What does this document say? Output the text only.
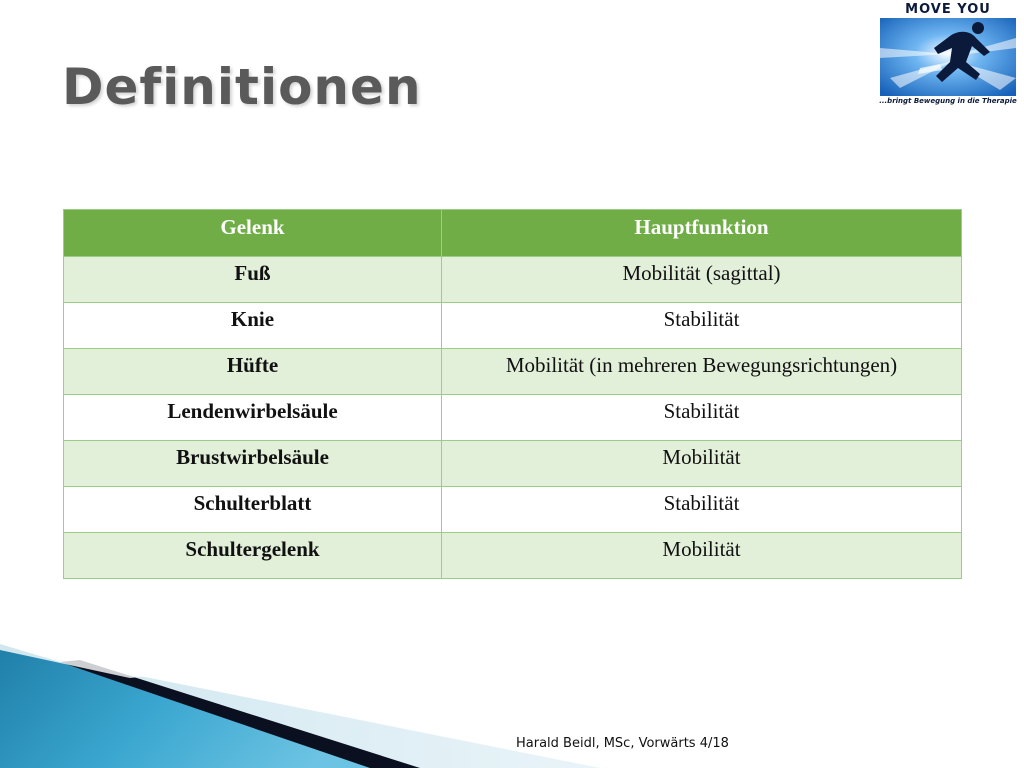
Definitionen
MOVE YOU
...bringt Bewegung in die Therapie
Gelenk	Hauptfunktion
Fuß	Mobilität (sagittal)
Knie	Stabilität
Hüfte	Mobilität (in mehreren Bewegungsrichtungen)
Lendenwirbelsäule	Stabilität
Brustwirbelsäule	Mobilität
Schulterblatt	Stabilität
Schultergelenk	Mobilität
Harald Beidl, MSc, Vorwärts 4/18
